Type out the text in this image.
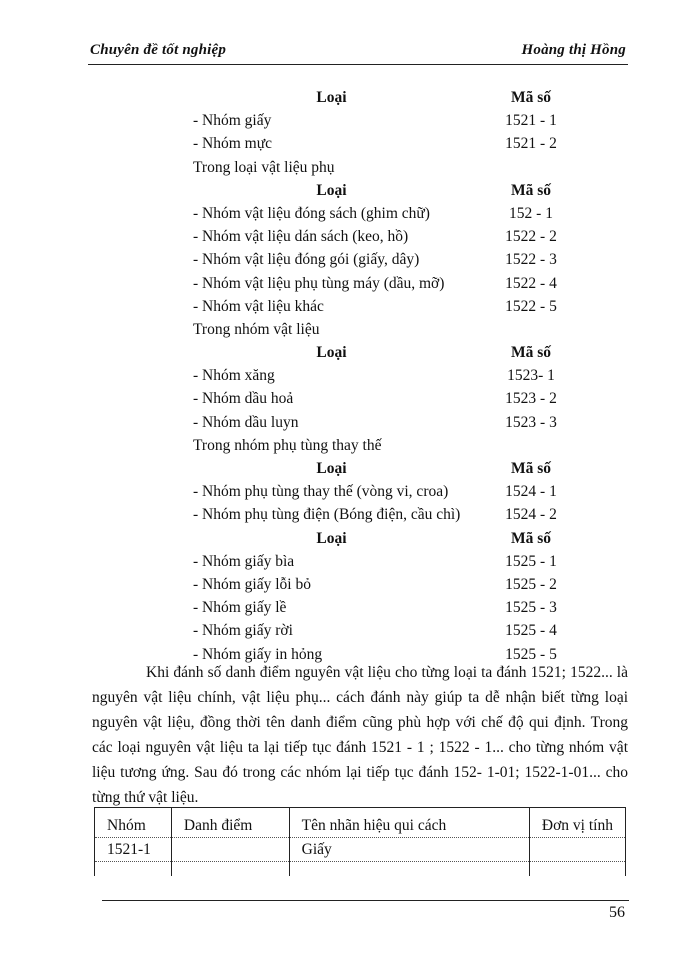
Chuyên đề tốt nghiệp	Hoàng thị Hồng
Loại	Mã số
- Nhóm giấy	1521 - 1
- Nhóm mực	1521 - 2
Trong loại vật liệu phụ
Loại	Mã số
- Nhóm vật liệu đóng sách (ghim chữ)	152 - 1
- Nhóm vật liệu dán sách (keo, hồ)	1522 - 2
- Nhóm vật liệu đóng gói (giấy, dây)	1522 - 3
- Nhóm vật liệu phụ tùng máy (dầu, mỡ)	1522 - 4
- Nhóm vật liệu khác	1522 - 5
Trong nhóm vật liệu
Loại	Mã số
- Nhóm xăng	1523- 1
- Nhóm dầu hoả	1523 - 2
- Nhóm dầu luyn	1523 - 3
Trong nhóm phụ tùng thay thế
Loại	Mã số
- Nhóm phụ tùng thay thế (vòng vi, croa)	1524 - 1
- Nhóm phụ tùng điện (Bóng điện, cầu chì)	1524 - 2
Loại	Mã số
- Nhóm giấy bìa	1525 - 1
- Nhóm giấy lỗi bỏ	1525 - 2
- Nhóm giấy lề	1525 - 3
- Nhóm giấy rời	1525 - 4
- Nhóm giấy in hỏng	1525 - 5
Khi đánh số danh điểm nguyên vật liệu cho từng loại ta đánh 1521; 1522... là nguyên vật liệu chính, vật liệu phụ... cách đánh này giúp ta dễ nhận biết từng loại nguyên vật liệu, đồng thời tên danh điểm cũng phù hợp với chế độ qui định. Trong các loại nguyên vật liệu ta lại tiếp tục đánh 1521 - 1 ; 1522 - 1... cho từng nhóm vật liệu tương ứng. Sau đó trong các nhóm lại tiếp tục đánh 152- 1-01; 1522-1-01... cho từng thứ vật liệu.
Nhóm	Danh điểm	Tên nhãn hiệu qui cách	Đơn vị tính
1521-1		Giấy	

56
